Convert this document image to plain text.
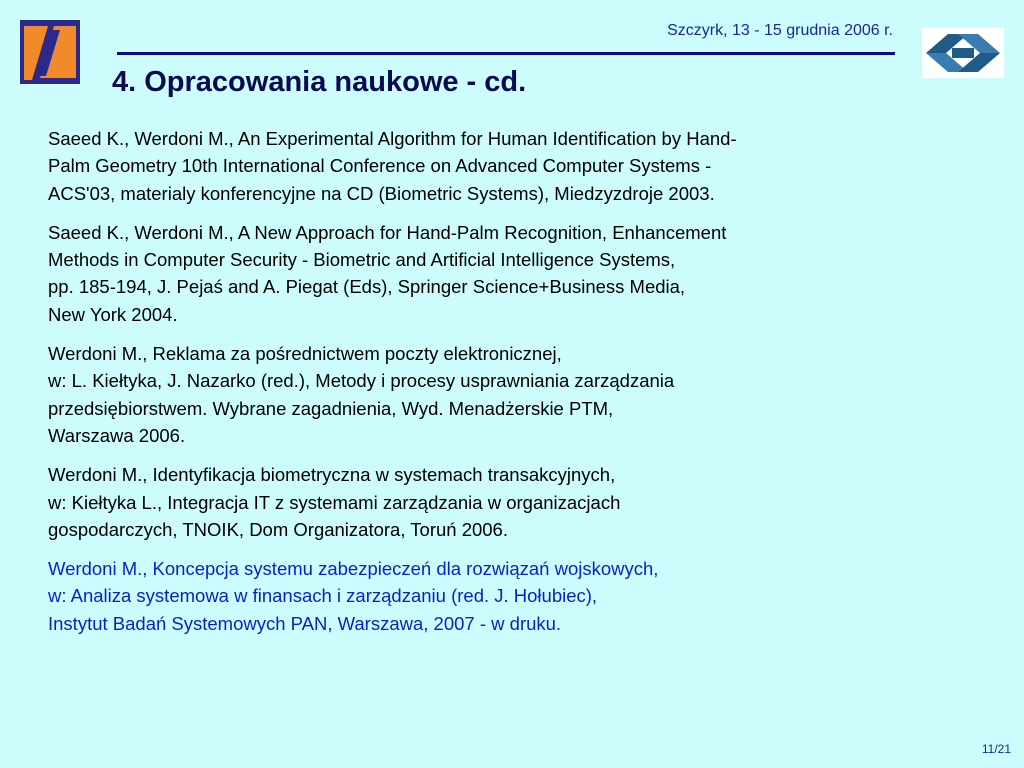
Szczyrk, 13 - 15 grudnia 2006 r.
4. Opracowania naukowe - cd.
Saeed K., Werdoni M., An Experimental Algorithm for Human Identification by Hand-
Palm Geometry 10th International Conference on Advanced Computer Systems -
ACS'03, materialy konferencyjne na CD (Biometric Systems), Miedzyzdroje 2003.
Saeed K., Werdoni M., A New Approach for Hand-Palm Recognition, Enhancement
Methods in Computer Security - Biometric and Artificial Intelligence Systems,
pp. 185-194, J. Pejaś and A. Piegat (Eds), Springer Science+Business Media,
New York 2004.
Werdoni M., Reklama za pośrednictwem poczty elektronicznej,
w: L. Kiełtyka, J. Nazarko (red.), Metody i procesy usprawniania zarządzania
przedsiębiorstwem. Wybrane zagadnienia, Wyd. Menadżerskie PTM,
Warszawa 2006.
Werdoni M., Identyfikacja biometryczna w systemach transakcyjnych,
w: Kiełtyka L., Integracja IT z systemami zarządzania w organizacjach
gospodarczych, TNOIK, Dom Organizatora, Toruń 2006.
Werdoni M., Koncepcja systemu zabezpieczeń dla rozwiązań wojskowych,
w: Analiza systemowa w finansach i zarządzaniu (red. J. Hołubiec),
Instytut Badań Systemowych PAN, Warszawa, 2007 - w druku.
11/21
